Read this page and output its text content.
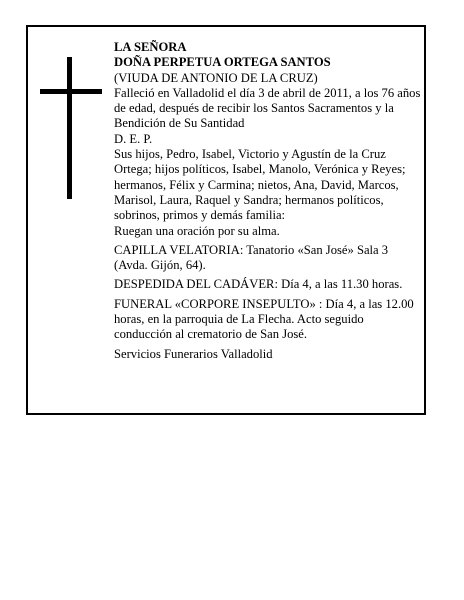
LA SEÑORA

DOÑA PERPETUA ORTEGA SANTOS

(VIUDA DE ANTONIO DE LA CRUZ)

Falleció en Valladolid el día 3 de abril de 2011, a los 76 años de edad, después de recibir los Santos Sacramentos y la Bendición de Su Santidad

D. E. P.

Sus hijos, Pedro, Isabel, Victorio y Agustín de la Cruz Ortega; hijos políticos, Isabel, Manolo, Verónica y Reyes; hermanos, Félix y Carmina; nietos, Ana, David, Marcos, Marisol, Laura, Raquel y Sandra; hermanos políticos, sobrinos, primos y demás familia:

Ruegan una oración por su alma.

CAPILLA VELATORIA: Tanatorio «San José» Sala 3 (Avda. Gijón, 64).

DESPEDIDA DEL CADÁVER: Día 4, a las 11.30 horas.

FUNERAL «CORPORE INSEPULTO» : Día 4, a las 12.00 horas, en la parroquia de La Flecha. Acto seguido conducción al crematorio de San José.

Servicios Funerarios Valladolid
